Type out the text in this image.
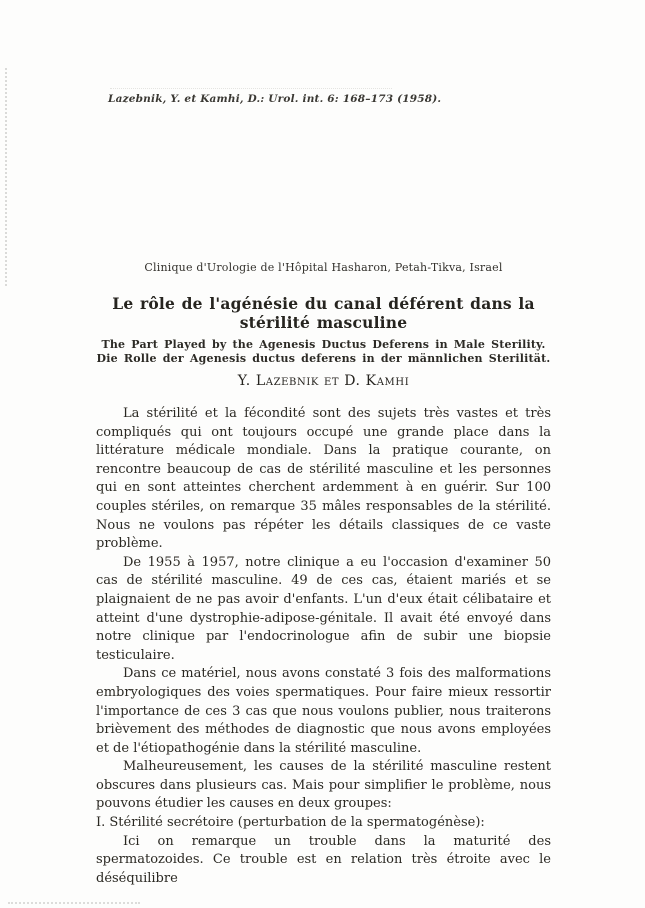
Lazebnik, Y. et Kamhi, D.: Urol. int. 6: 168–173 (1958).
Clinique d'Urologie de l'Hôpital Hasharon, Petah-Tikva, Israel
Le rôle de l'agénésie du canal déférent dans la stérilité masculine
The Part Played by the Agenesis Ductus Deferens in Male Sterility.
Die Rolle der Agenesis ductus deferens in der männlichen Sterilität.
Y. Lazebnik et D. Kamhi

La stérilité et la fécondité sont des sujets très vastes et très compliqués qui ont toujours occupé une grande place dans la littérature médicale mondiale. Dans la pratique courante, on rencontre beaucoup de cas de stérilité masculine et les personnes qui en sont atteintes cherchent ardemment à en guérir. Sur 100 couples stériles, on remarque 35 mâles responsables de la stérilité. Nous ne voulons pas répéter les détails classiques de ce vaste problème.

De 1955 à 1957, notre clinique a eu l'occasion d'examiner 50 cas de stérilité masculine. 49 de ces cas, étaient mariés et se plaignaient de ne pas avoir d'enfants. L'un d'eux était célibataire et atteint d'une dystrophie-adipose-génitale. Il avait été envoyé dans notre clinique par l'endocrinologue afin de subir une biopsie testiculaire.

Dans ce matériel, nous avons constaté 3 fois des malformations embryologiques des voies spermatiques. Pour faire mieux ressortir l'importance de ces 3 cas que nous voulons publier, nous traiterons brièvement des méthodes de diagnostic que nous avons employées et de l'étiopathogénie dans la stérilité masculine.

Malheureusement, les causes de la stérilité masculine restent obscures dans plusieurs cas. Mais pour simplifier le problème, nous pouvons étudier les causes en deux groupes:

I. Stérilité secrétoire (perturbation de la spermatogénèse):

Ici on remarque un trouble dans la maturité des spermatozoides. Ce trouble est en relation très étroite avec le déséquilibre
